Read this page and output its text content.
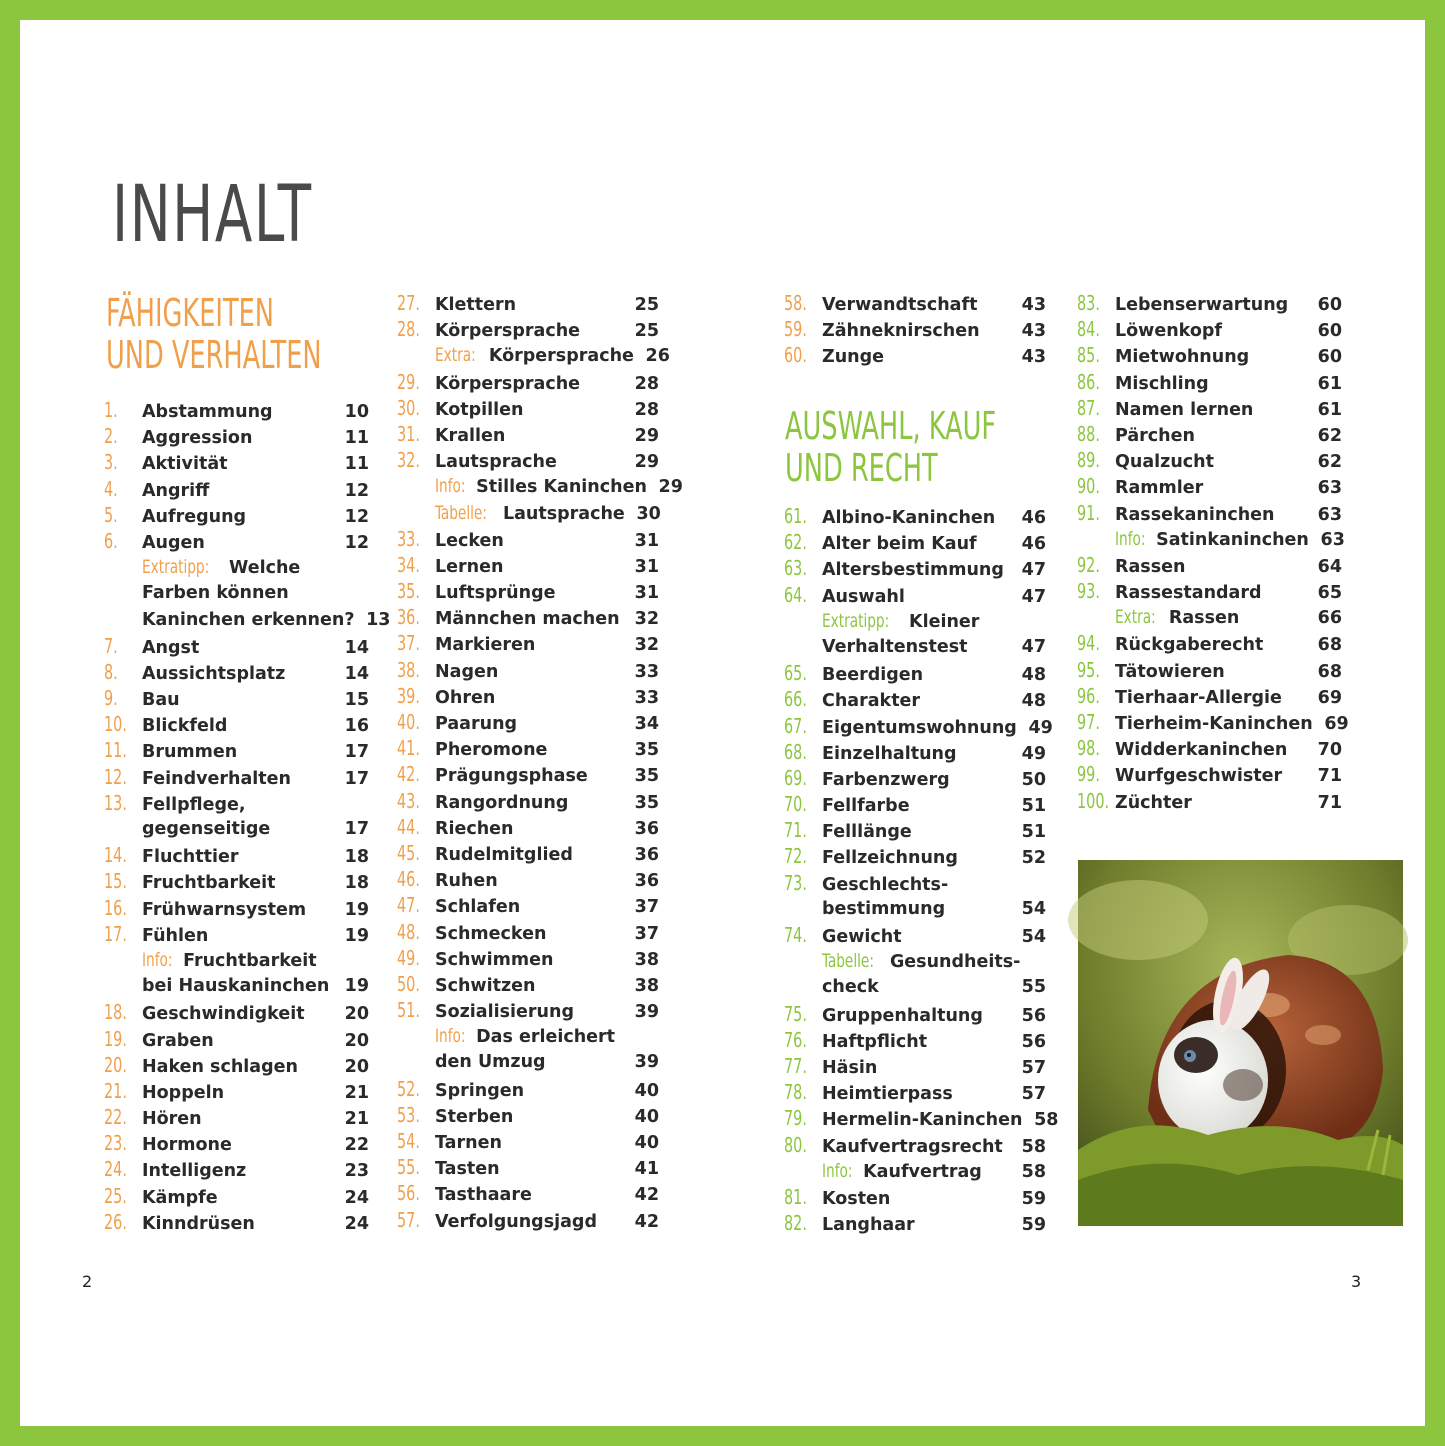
INHALT
FÄHIGKEITEN
UND VERHALTEN
AUSWAHL, KAUF
UND RECHT
1.	Abstammung	10
2.	Aggression	11
3.	Aktivität	11
4.	Angriff	12
5.	Aufregung	12
6.	Augen	12
Extratipp: Welche
Farben können
Kaninchen erkennen? 13
7.	Angst	14
8.	Aussichtsplatz	14
9.	Bau	15
10. Blickfeld	16
11. Brummen	17
12. Feindverhalten	17
13. Fellpflege,
gegenseitige	17
14. Fluchttier	18
15. Fruchtbarkeit	18
16. Frühwarnsystem	19
17. Fühlen	19
Info: Fruchtbarkeit
bei Hauskaninchen 19
18. Geschwindigkeit	20
19. Graben	20
20. Haken schlagen	20
21. Hoppeln	21
22. Hören	21
23. Hormone	22
24. Intelligenz	23
25. Kämpfe	24
26. Kinndrüsen	24
27. Klettern	25
28. Körpersprache	25
Extra: Körpersprache 26
29. Körpersprache	28
30. Kotpillen	28
31. Krallen	29
32. Lautsprache	29
Info: Stilles Kaninchen 29
Tabelle: Lautsprache 30
33. Lecken	31
34. Lernen	31
35. Luftsprünge	31
36. Männchen machen 32
37. Markieren	32
38. Nagen	33
39. Ohren	33
40. Paarung	34
41. Pheromone	35
42. Prägungsphase	35
43. Rangordnung	35
44. Riechen	36
45. Rudelmitglied	36
46. Ruhen	36
47. Schlafen	37
48. Schmecken	37
49. Schwimmen	38
50. Schwitzen	38
51. Sozialisierung	39
Info: Das erleichert
den Umzug	39
52. Springen	40
53. Sterben	40
54. Tarnen	40
55. Tasten	41
56. Tasthaare	42
57. Verfolgungsjagd	42
58. Verwandtschaft	43
59. Zähneknirschen	43
60. Zunge	43
61. Albino-Kaninchen	46
62. Alter beim Kauf	46
63. Altersbestimmung	47
64. Auswahl	47
Extratipp: Kleiner
Verhaltenstest	47
65. Beerdigen	48
66. Charakter	48
67. Eigentumswohnung 49
68. Einzelhaltung	49
69. Farbenzwerg	50
70. Fellfarbe	51
71. Felllänge	51
72. Fellzeichnung	52
73. Geschlechts-
bestimmung	54
74. Gewicht	54
Tabelle: Gesundheits-
check	55
75. Gruppenhaltung	56
76. Haftpflicht	56
77. Häsin	57
78. Heimtierpass	57
79. Hermelin-Kaninchen 58
80. Kaufvertragsrecht	58
Info: Kaufvertrag	58
81. Kosten	59
82. Langhaar	59
83. Lebenserwartung	60
84. Löwenkopf	60
85. Mietwohnung	60
86. Mischling	61
87. Namen lernen	61
88. Pärchen	62
89. Qualzucht	62
90. Rammler	63
91. Rassekaninchen	63
Info: Satinkaninchen 63
92. Rassen	64
93. Rassestandard	65
Extra: Rassen	66
94. Rückgaberecht	68
95. Tätowieren	68
96. Tierhaar-Allergie	69
97. Tierheim-Kaninchen 69
98. Widderkaninchen	70
99. Wurfgeschwister	71
100. Züchter	71
2	3
